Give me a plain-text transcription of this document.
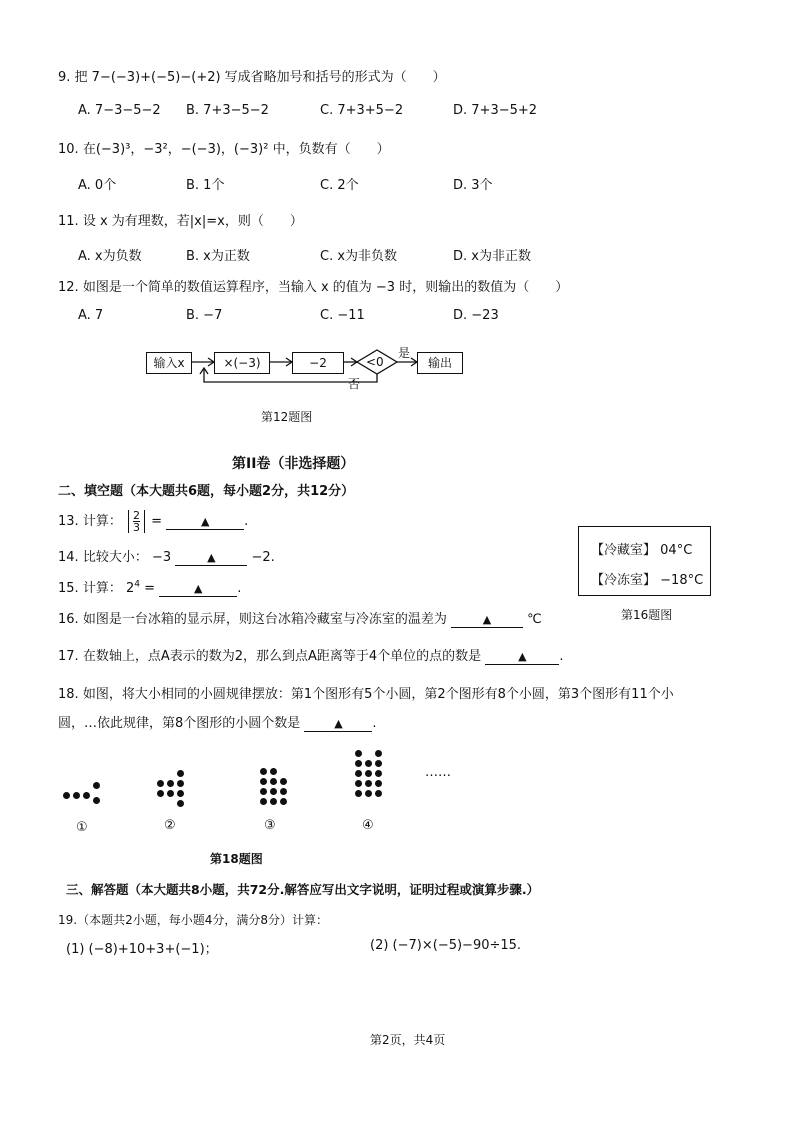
9. 把 7−(−3)+(−5)−(+2) 写成省略加号和括号的形式为（　　）
A. 7−3−5−2 B. 7+3−5−2	C. 7+3+5−2	D. 7+3−5+2
10. 在(−3)³，−3²，−(−3)，(−3)² 中，负数有（　　）
A. 0个	B. 1个	C. 2个	D. 3个
11. 设 x 为有理数，若|x|=x，则（　　）
A. x为负数	B. x为正数	C. x为非负数	D. x为非正数
12. 如图是一个简单的数值运算程序，当输入 x 的值为 −3 时，则输出的数值为（　　）
A. 7	B. −7	C. −11	D. −23
输入x	×(−3)	−2	<0	输出
是
否
第12题图
第II卷（非选择题）
二、填空题（本大题共6题，每小题2分，共12分）
13. 计算： $\frac{2}{3}$ =	▲	.
14. 比较大小： −3	▲	−2.
15. 计算： $2^4$ =	▲	.
16. 如图是一台冰箱的显示屏，则这台冰箱冷藏室与冷冻室的温差为	▲	℃
【冷藏室】 04°C
【冷冻室】 −18°C
第16题图
17. 在数轴上，点A表示的数为2，那么到点A距离等于4个单位的点的数是	▲	.
18. 如图，将大小相同的小圆规律摆放：第1个图形有5个小圆，第2个图形有8个小圆，第3个图形有11个小
圆，…依此规律，第8个图形的小圆个数是	▲ .
……
①	②	③	④
第18题图
三、解答题（本大题共8小题，共72分.解答应写出文字说明，证明过程或演算步骤.）
19.（本题共2小题，每小题4分，满分8分）计算：
(1) (−8)+10+3+(−1)；	(2) (−7)×(−5)−90÷15.
第2页，共4页
